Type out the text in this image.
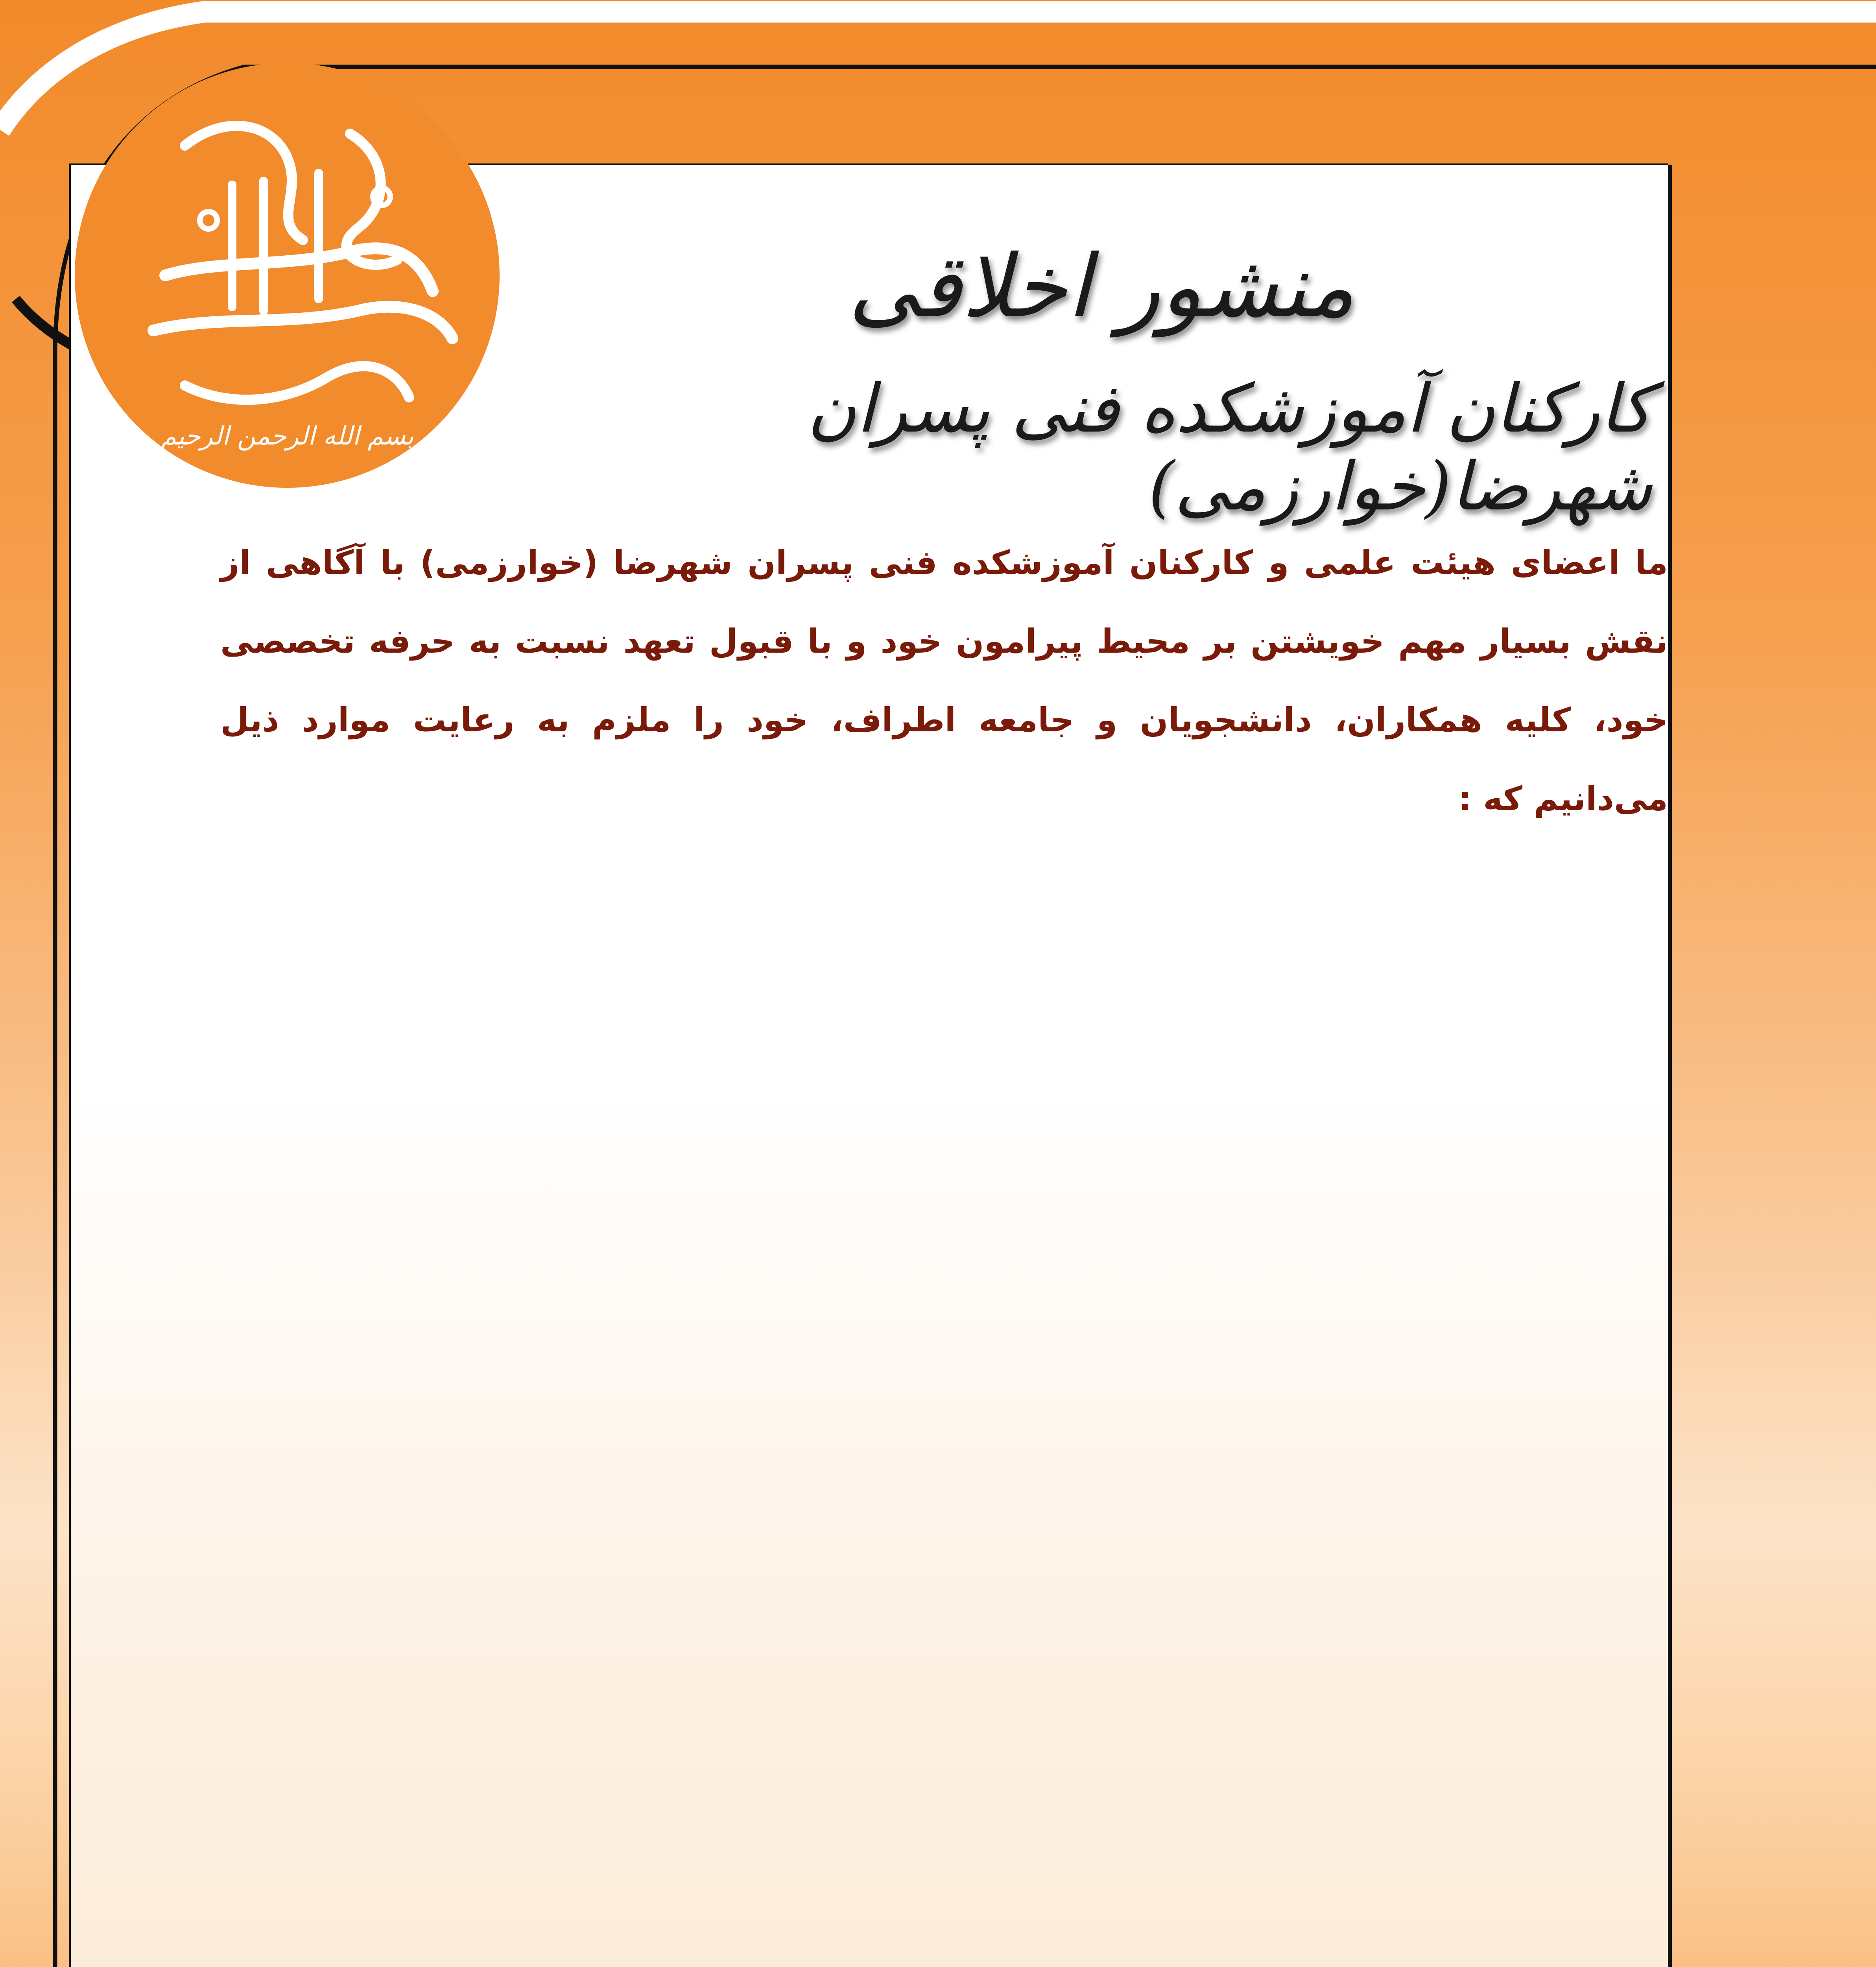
بسم الله الرحمن الرحیم
منشور اخلاقی
کارکنان آموزشکده فنی پسران شهرضا(خوارزمی)
ما اعضای هیئت علمی و کارکنان آموزشکده فنی پسران شهرضا (خوارزمی) با آگاهی از نقش بسیار مهم خویشتن بر محیط پیرامون خود و با قبول تعهد نسبت به حرفه تخصصی خود، کلیه همکاران، دانشجویان و جامعه اطراف، خود را ملزم به رعایت موارد ذیل می‌دانیم که :
